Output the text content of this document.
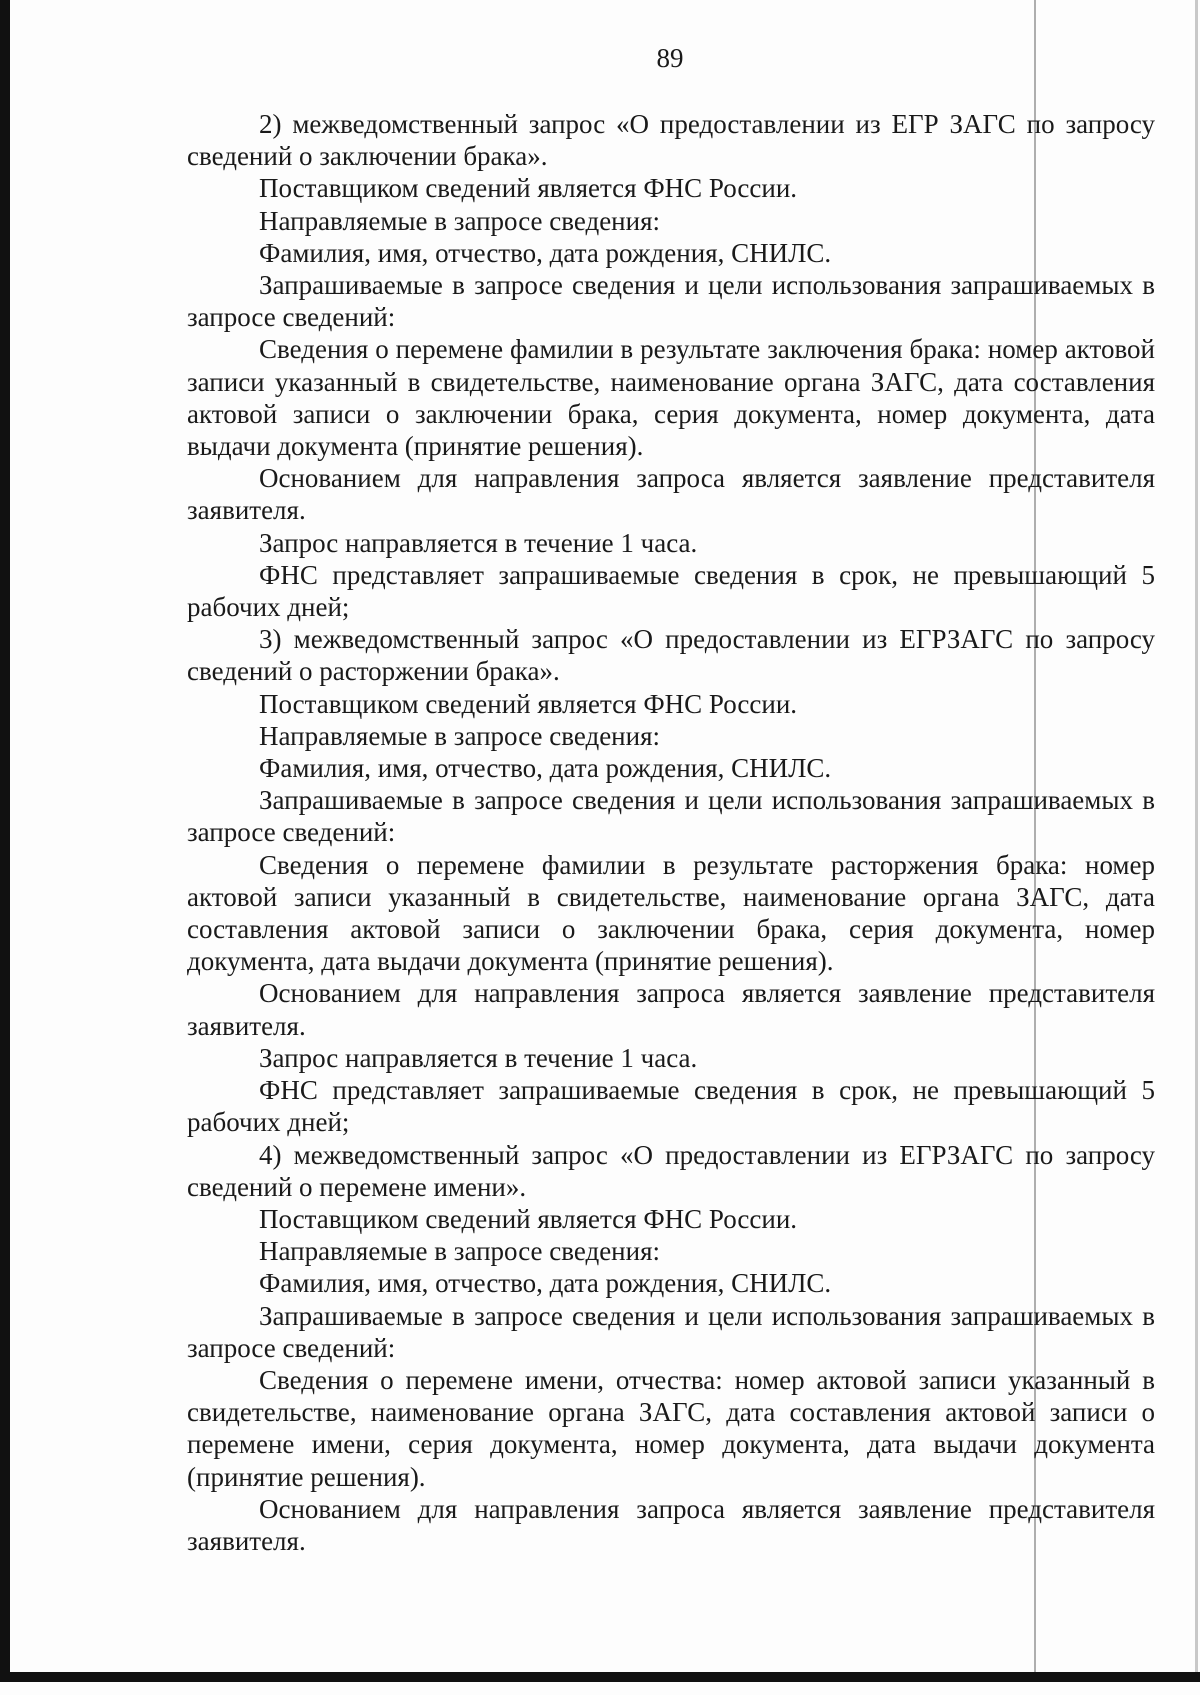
89

2) межведомственный запрос «О предоставлении из ЕГР ЗАГС по запросу сведений о заключении брака».

Поставщиком сведений является ФНС России.

Направляемые в запросе сведения:

Фамилия, имя, отчество, дата рождения, СНИЛС.

Запрашиваемые в запросе сведения и цели использования запрашиваемых в запросе сведений:

Сведения о перемене фамилии в результате заключения брака: номер актовой записи указанный в свидетельстве, наименование органа ЗАГС, дата составления актовой записи о заключении брака, серия документа, номер документа, дата выдачи документа (принятие решения).

Основанием для направления запроса является заявление представителя заявителя.

Запрос направляется в течение 1 часа.

ФНС представляет запрашиваемые сведения в срок, не превышающий 5 рабочих дней;

3) межведомственный запрос «О предоставлении из ЕГРЗАГС по запросу сведений о расторжении брака».

Поставщиком сведений является ФНС России.

Направляемые в запросе сведения:

Фамилия, имя, отчество, дата рождения, СНИЛС.

Запрашиваемые в запросе сведения и цели использования запрашиваемых в запросе сведений:

Сведения о перемене фамилии в результате расторжения брака: номер актовой записи указанный в свидетельстве, наименование органа ЗАГС, дата составления актовой записи о заключении брака, серия документа, номер документа, дата выдачи документа (принятие решения).

Основанием для направления запроса является заявление представителя заявителя.

Запрос направляется в течение 1 часа.

ФНС представляет запрашиваемые сведения в срок, не превышающий 5 рабочих дней;

4) межведомственный запрос «О предоставлении из ЕГРЗАГС по запросу сведений о перемене имени».

Поставщиком сведений является ФНС России.

Направляемые в запросе сведения:

Фамилия, имя, отчество, дата рождения, СНИЛС.

Запрашиваемые в запросе сведения и цели использования запрашиваемых в запросе сведений:

Сведения о перемене имени, отчества: номер актовой записи указанный в свидетельстве, наименование органа ЗАГС, дата составления актовой записи о перемене имени, серия документа, номер документа, дата выдачи документа (принятие решения).

Основанием для направления запроса является заявление представителя заявителя.
